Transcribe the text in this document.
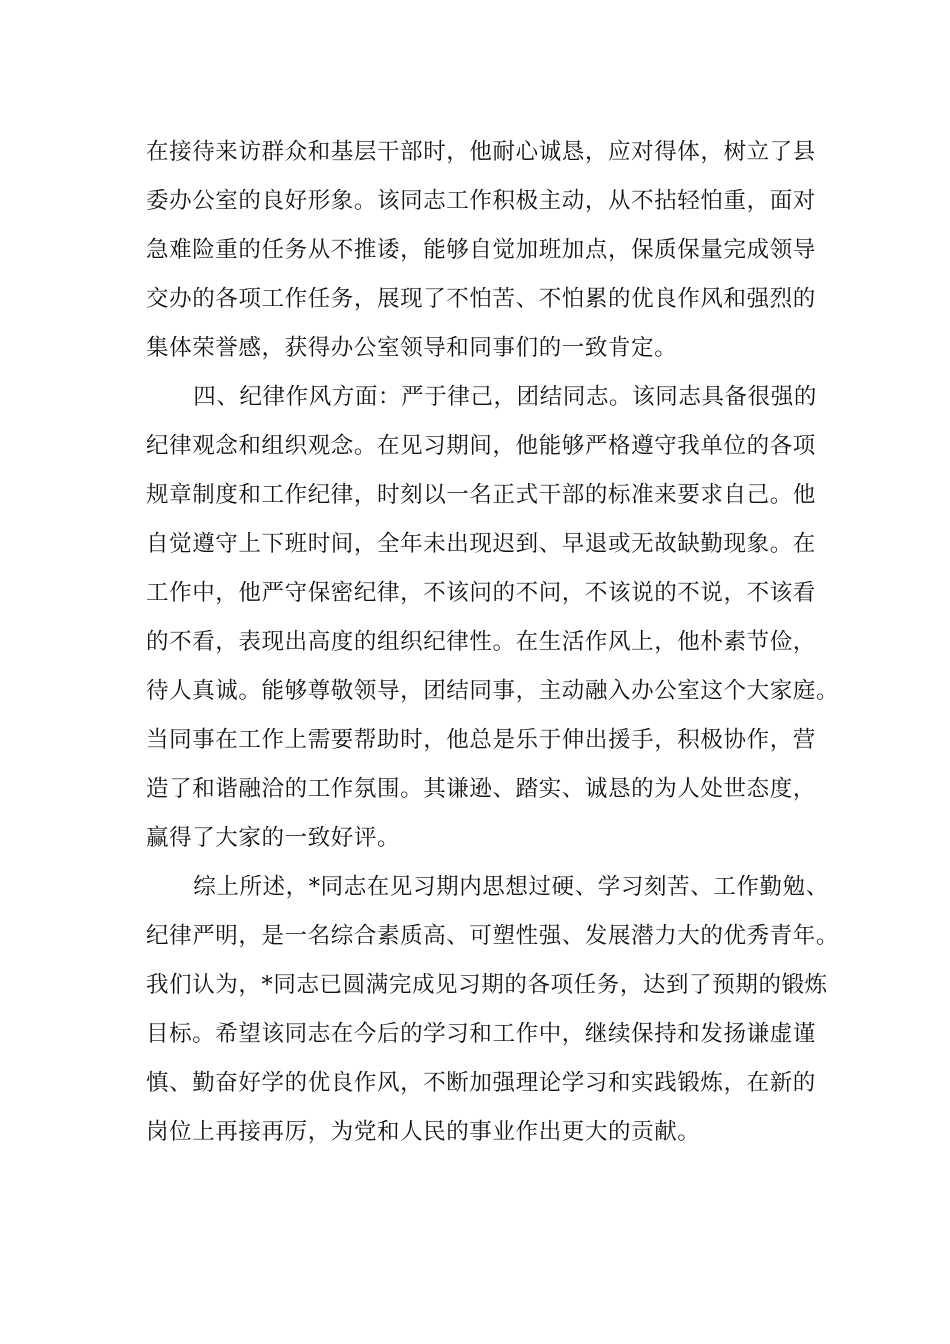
在接待来访群众和基层干部时，他耐心诚恳，应对得体，树立了县
委办公室的良好形象。该同志工作积极主动，从不拈轻怕重，面对
急难险重的任务从不推诿，能够自觉加班加点，保质保量完成领导
交办的各项工作任务，展现了不怕苦、不怕累的优良作风和强烈的
集体荣誉感，获得办公室领导和同事们的一致肯定。
四、纪律作风方面：严于律己，团结同志。该同志具备很强的
纪律观念和组织观念。在见习期间，他能够严格遵守我单位的各项
规章制度和工作纪律，时刻以一名正式干部的标准来要求自己。他
自觉遵守上下班时间，全年未出现迟到、早退或无故缺勤现象。在
工作中，他严守保密纪律，不该问的不问，不该说的不说，不该看
的不看，表现出高度的组织纪律性。在生活作风上，他朴素节俭，
待人真诚。能够尊敬领导，团结同事，主动融入办公室这个大家庭。
当同事在工作上需要帮助时，他总是乐于伸出援手，积极协作，营
造了和谐融洽的工作氛围。其谦逊、踏实、诚恳的为人处世态度，
赢得了大家的一致好评。
综上所述，*同志在见习期内思想过硬、学习刻苦、工作勤勉、
纪律严明，是一名综合素质高、可塑性强、发展潜力大的优秀青年。
我们认为，*同志已圆满完成见习期的各项任务，达到了预期的锻炼
目标。希望该同志在今后的学习和工作中，继续保持和发扬谦虚谨
慎、勤奋好学的优良作风，不断加强理论学习和实践锻炼，在新的
岗位上再接再厉，为党和人民的事业作出更大的贡献。
